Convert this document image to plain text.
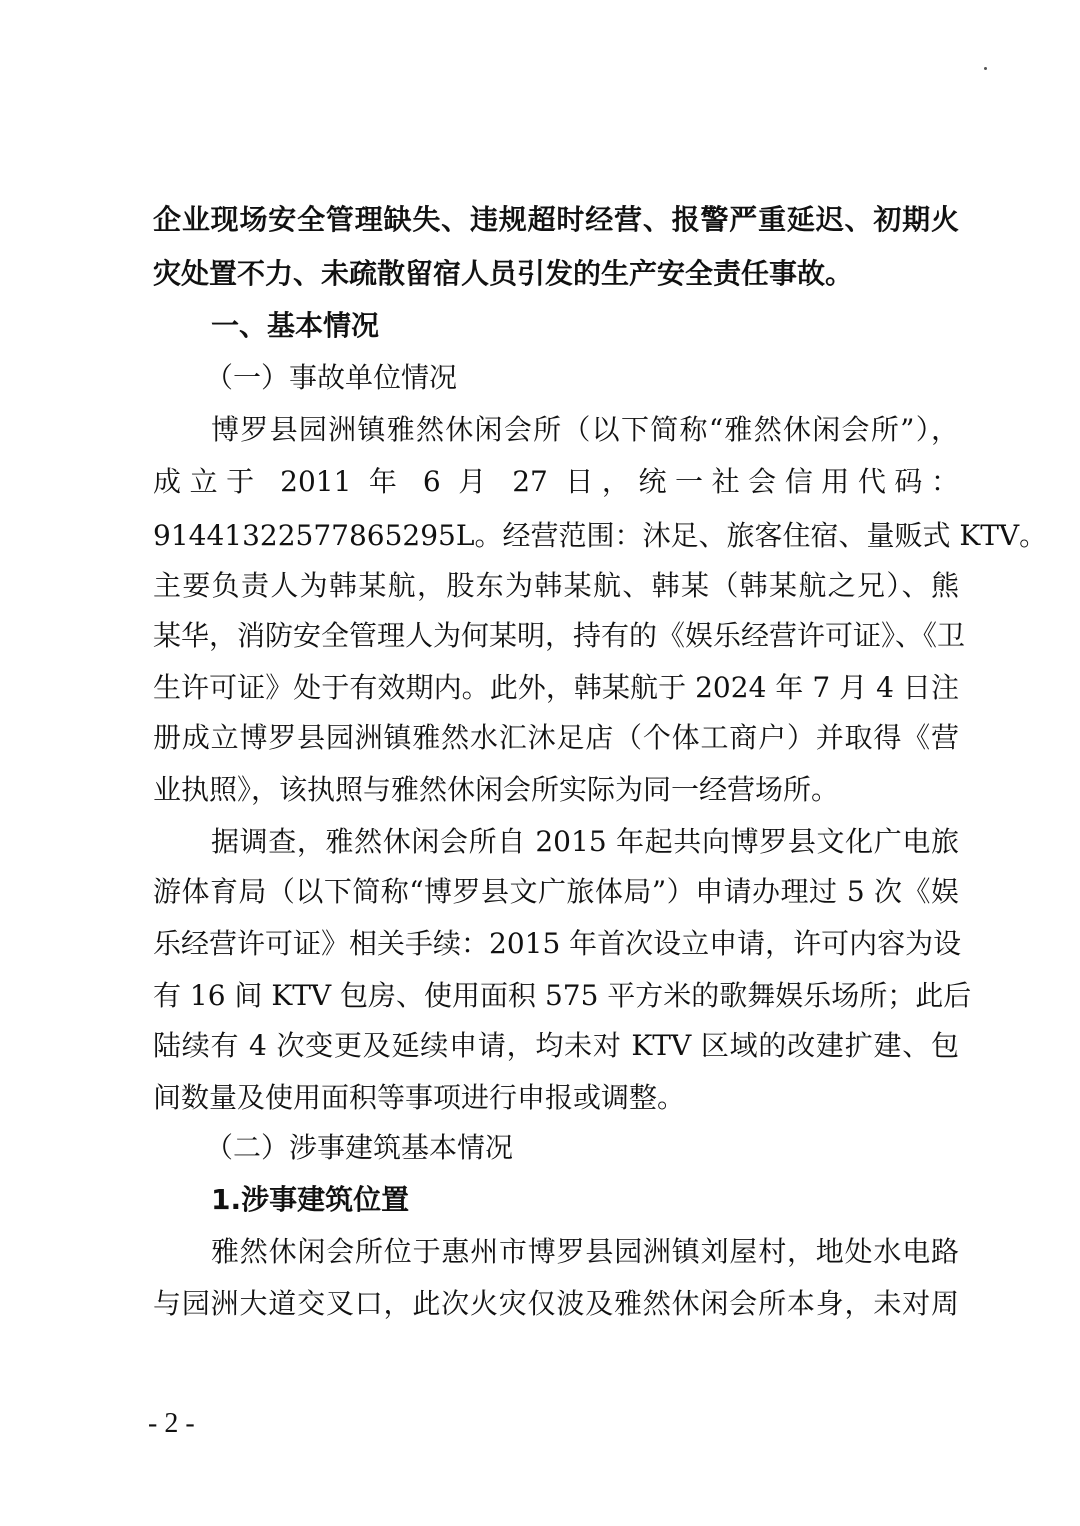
企业现场安全管理缺失、违规超时经营、报警严重延迟、初期火
灾处置不力、未疏散留宿人员引发的生产安全责任事故。
一、基本情况
（一）事故单位情况
博罗县园洲镇雅然休闲会所（以下简称“雅然休闲会所”），
成立于 2011 年 6 月 27 日，统一社会信用代码：
91441322577865295L。经营范围：沐足、旅客住宿、量贩式 KTV。
主要负责人为韩某航，股东为韩某航、韩某（韩某航之兄）、熊
某华，消防安全管理人为何某明，持有的《娱乐经营许可证》、《卫
生许可证》处于有效期内。此外，韩某航于 2024 年 7 月 4 日注
册成立博罗县园洲镇雅然水汇沐足店（个体工商户）并取得《营
业执照》，该执照与雅然休闲会所实际为同一经营场所。
据调查，雅然休闲会所自 2015 年起共向博罗县文化广电旅
游体育局（以下简称“博罗县文广旅体局”）申请办理过 5 次《娱
乐经营许可证》相关手续：2015 年首次设立申请，许可内容为设
有 16 间 KTV 包房、使用面积 575 平方米的歌舞娱乐场所；此后
陆续有 4 次变更及延续申请，均未对 KTV 区域的改建扩建、包
间数量及使用面积等事项进行申报或调整。
（二）涉事建筑基本情况
1.涉事建筑位置
雅然休闲会所位于惠州市博罗县园洲镇刘屋村，地处水电路
与园洲大道交叉口，此次火灾仅波及雅然休闲会所本身，未对周
- 2 -
